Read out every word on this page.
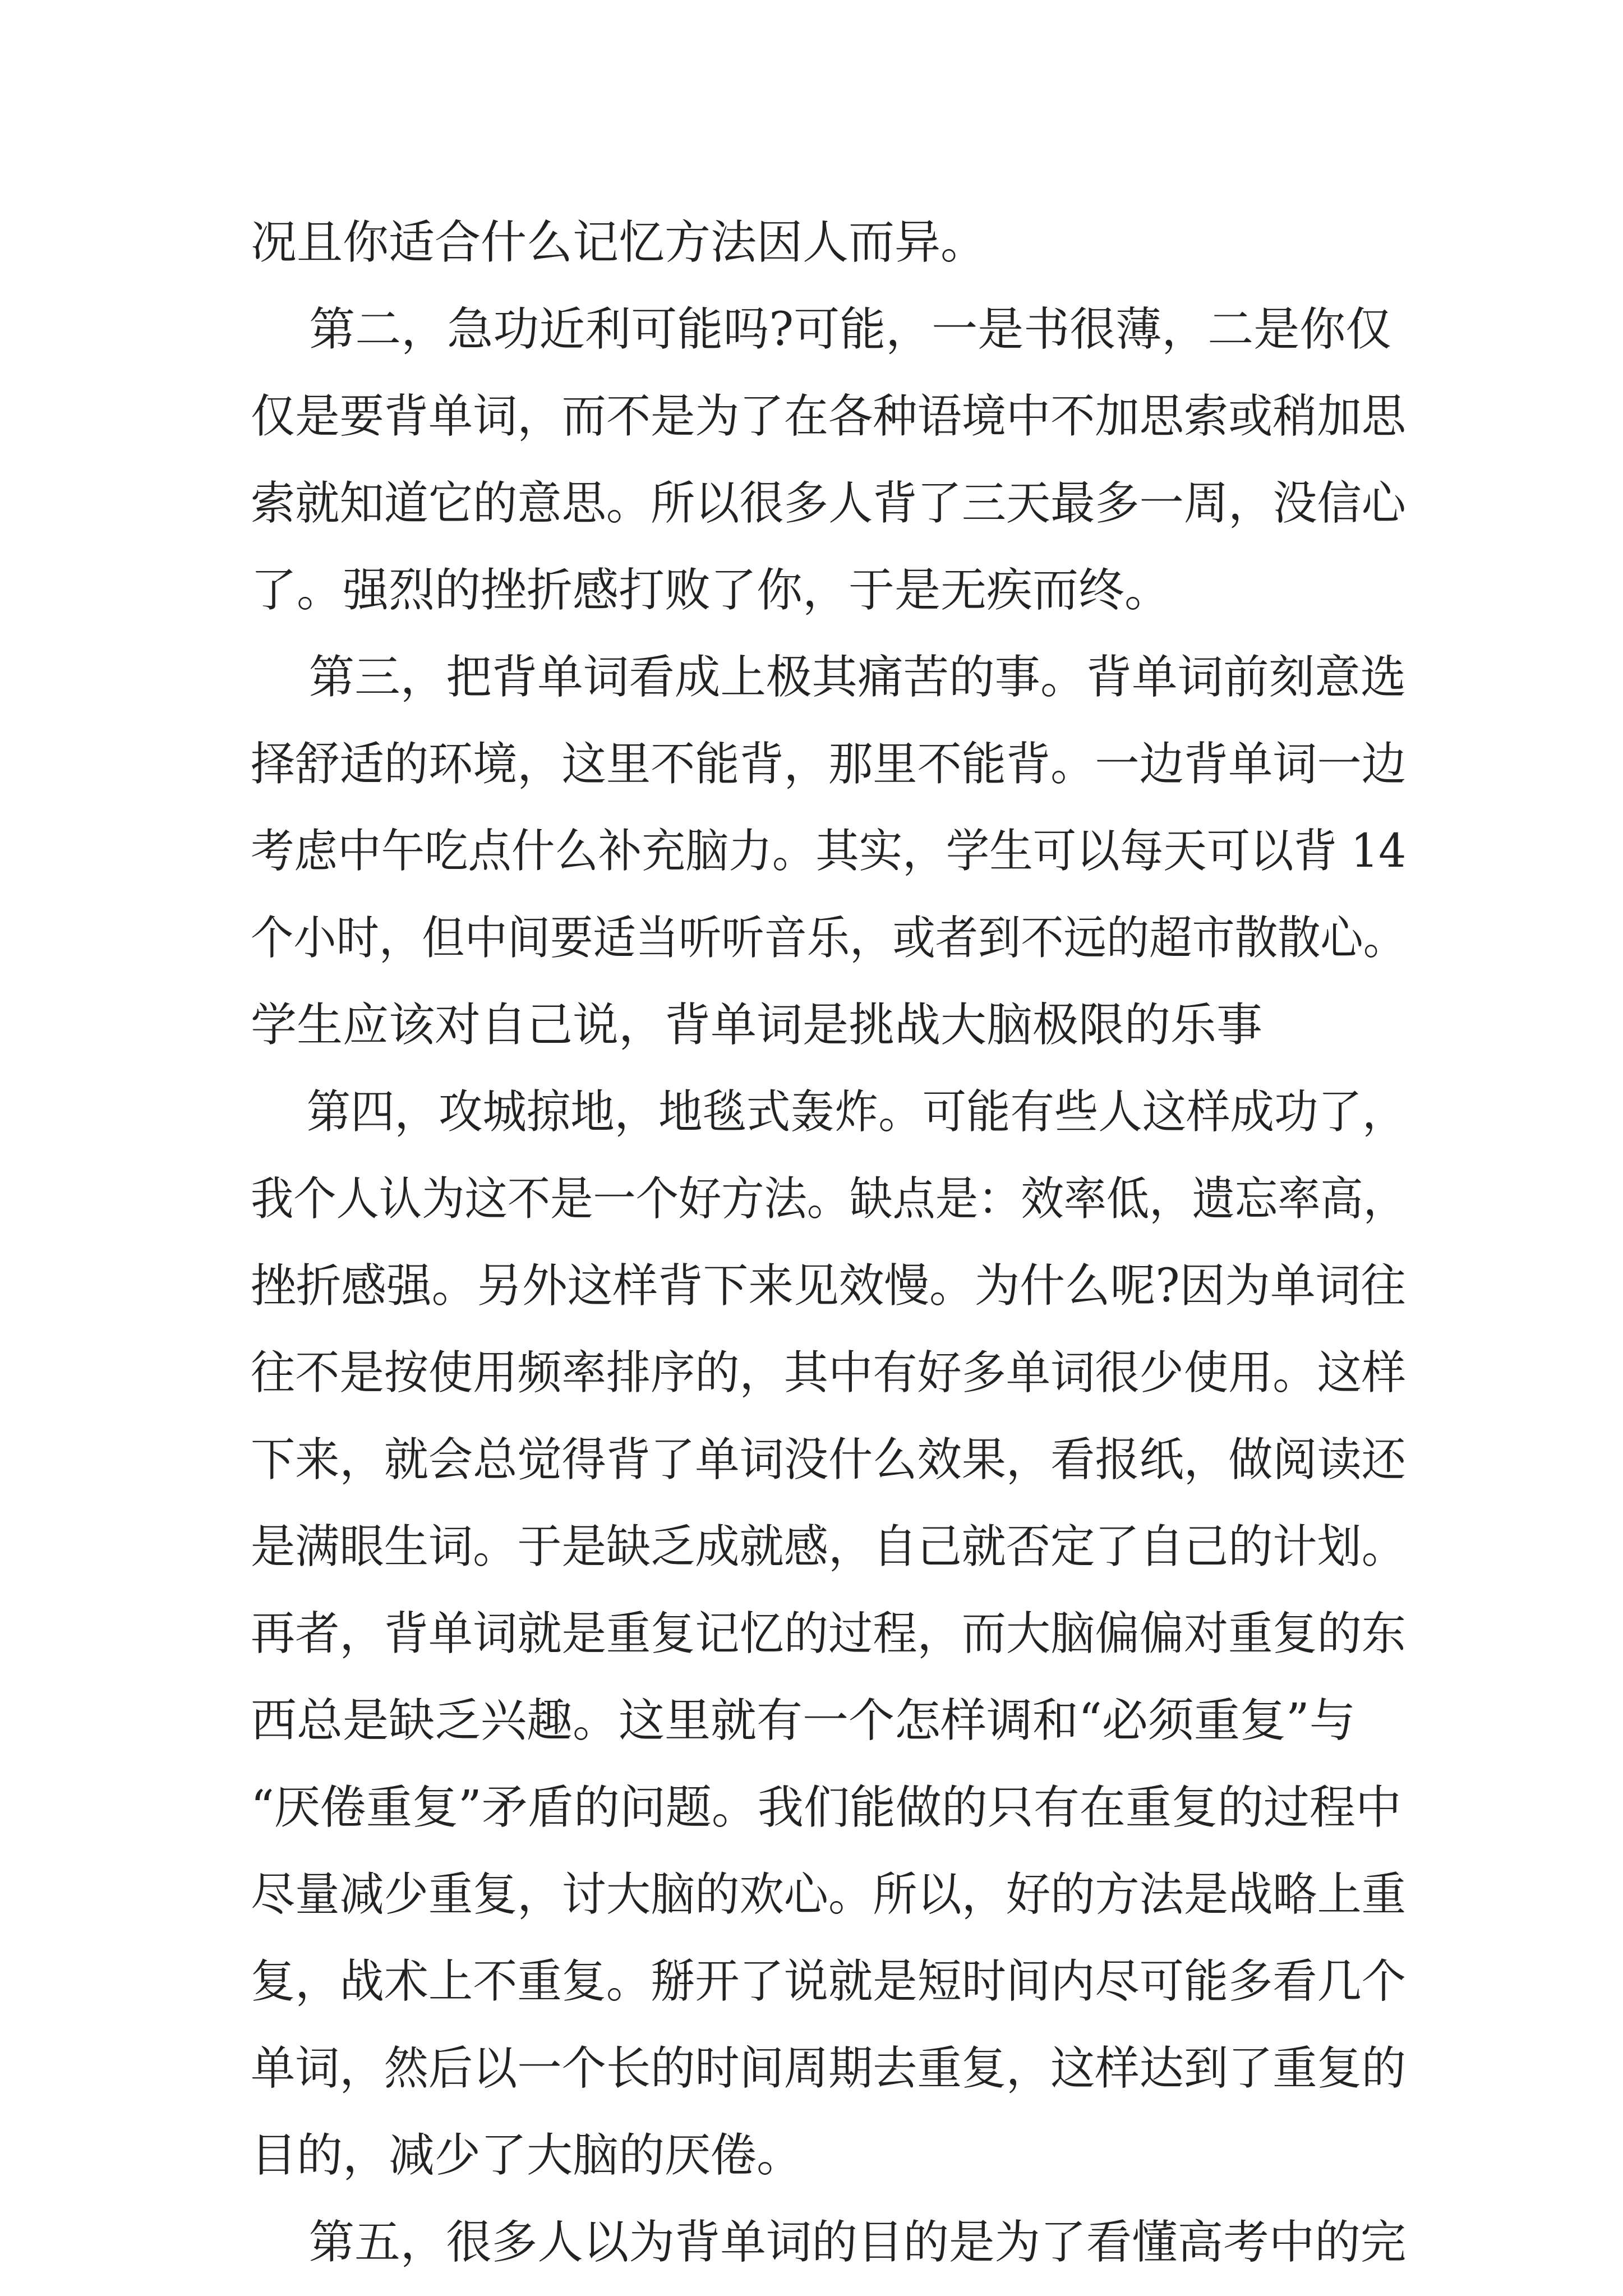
况且你适合什么记忆方法因人而异。
第二，急功近利可能吗?可能，一是书很薄，二是你仅
仅是要背单词，而不是为了在各种语境中不加思索或稍加思
索就知道它的意思。所以很多人背了三天最多一周，没信心
了。强烈的挫折感打败了你，于是无疾而终。
第三，把背单词看成上极其痛苦的事。背单词前刻意选
择舒适的环境，这里不能背，那里不能背。一边背单词一边
考虑中午吃点什么补充脑力。其实，学生可以每天可以背 14
个小时，但中间要适当听听音乐，或者到不远的超市散散心。
学生应该对自己说，背单词是挑战大脑极限的乐事
第四，攻城掠地，地毯式轰炸。可能有些人这样成功了，
我个人认为这不是一个好方法。缺点是：效率低，遗忘率高，
挫折感强。另外这样背下来见效慢。为什么呢?因为单词往
往不是按使用频率排序的，其中有好多单词很少使用。这样
下来，就会总觉得背了单词没什么效果，看报纸，做阅读还
是满眼生词。于是缺乏成就感，自己就否定了自己的计划。
再者，背单词就是重复记忆的过程，而大脑偏偏对重复的东
西总是缺乏兴趣。这里就有一个怎样调和“必须重复”与
“厌倦重复”矛盾的问题。我们能做的只有在重复的过程中
尽量减少重复，讨大脑的欢心。所以，好的方法是战略上重
复，战术上不重复。掰开了说就是短时间内尽可能多看几个
单词，然后以一个长的时间周期去重复，这样达到了重复的
目的，减少了大脑的厌倦。
第五，很多人以为背单词的目的是为了看懂高考中的完
